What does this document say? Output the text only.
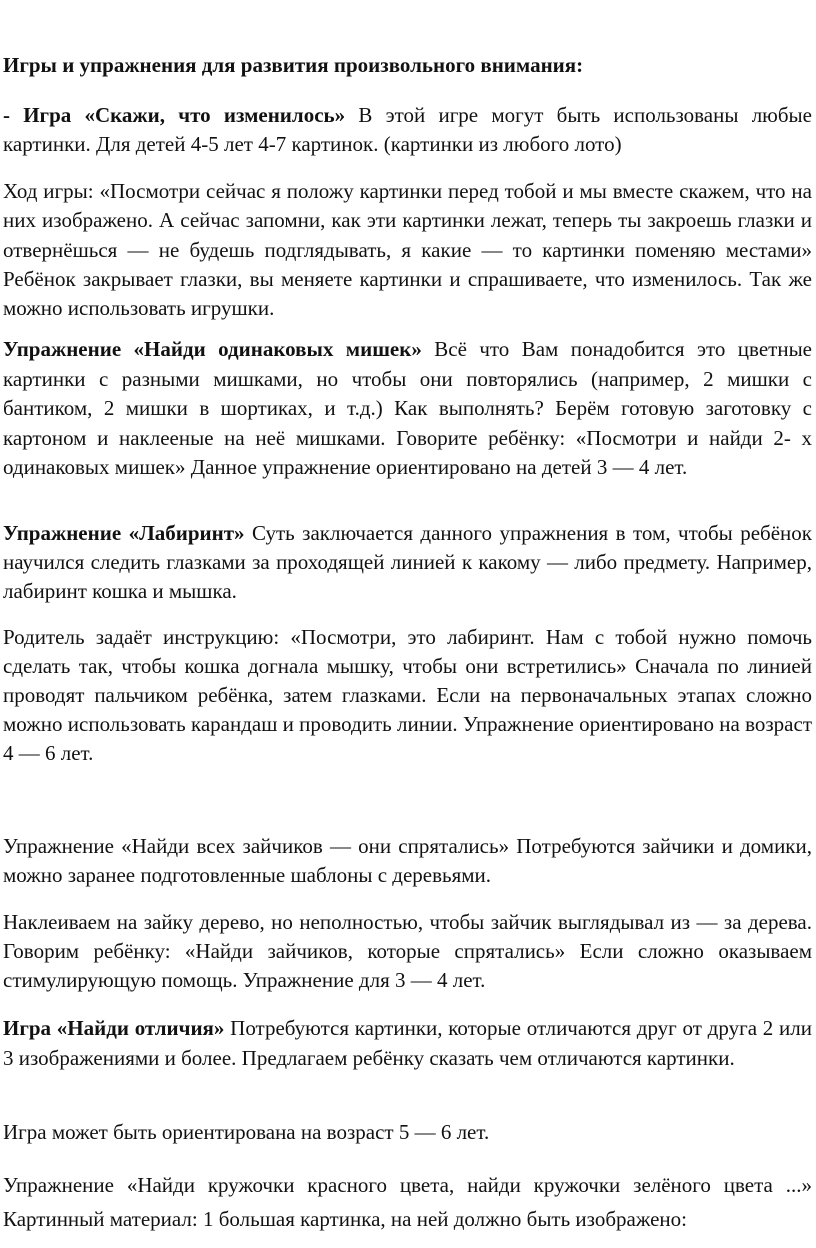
Игры и упражнения для развития произвольного внимания:
- Игра «Скажи, что изменилось» В этой игре могут быть использованы любые картинки. Для детей 4-5 лет 4-7 картинок. (картинки из любого лото)
Ход игры: «Посмотри сейчас я положу картинки перед тобой и мы вместе скажем, что на них изображено. А сейчас запомни, как эти картинки лежат, теперь ты закроешь глазки и отвернёшься — не будешь подглядывать, я какие — то картинки поменяю местами» Ребёнок закрывает глазки, вы меняете картинки и спрашиваете, что изменилось. Так же можно использовать игрушки.
Упражнение «Найди одинаковых мишек» Всё что Вам понадобится это цветные картинки с разными мишками, но чтобы они повторялись (например, 2 мишки с бантиком, 2 мишки в шортиках, и т.д.) Как выполнять? Берём готовую заготовку с картоном и наклееные на неё мишками. Говорите ребёнку: «Посмотри и найди 2- х одинаковых мишек» Данное упражнение ориентировано на детей 3 — 4 лет.
Упражнение «Лабиринт» Суть заключается данного упражнения в том, чтобы ребёнок научился следить глазками за проходящей линией к какому — либо предмету. Например, лабиринт кошка и мышка.
Родитель задаёт инструкцию: «Посмотри, это лабиринт. Нам с тобой нужно помочь сделать так, чтобы кошка догнала мышку, чтобы они встретились» Сначала по линией проводят пальчиком ребёнка, затем глазками. Если на первоначальных этапах сложно можно использовать карандаш и проводить линии. Упражнение ориентировано на возраст 4 — 6 лет.
Упражнение «Найди всех зайчиков — они спрятались» Потребуются зайчики и домики, можно заранее подготовленные шаблоны с деревьями.
Наклеиваем на зайку дерево, но неполностью, чтобы зайчик выглядывал из — за дерева. Говорим ребёнку: «Найди зайчиков, которые спрятались» Если сложно оказываем стимулирующую помощь. Упражнение для 3 — 4 лет.
Игра «Найди отличия» Потребуются картинки, которые отличаются друг от друга 2 или 3 изображениями и более. Предлагаем ребёнку сказать чем отличаются картинки.
Игра может быть ориентирована на возраст 5 — 6 лет.
Упражнение «Найди кружочки красного цвета, найди кружочки зелёного цвета ...» Картинный материал: 1 большая картинка, на ней должно быть изображено:
